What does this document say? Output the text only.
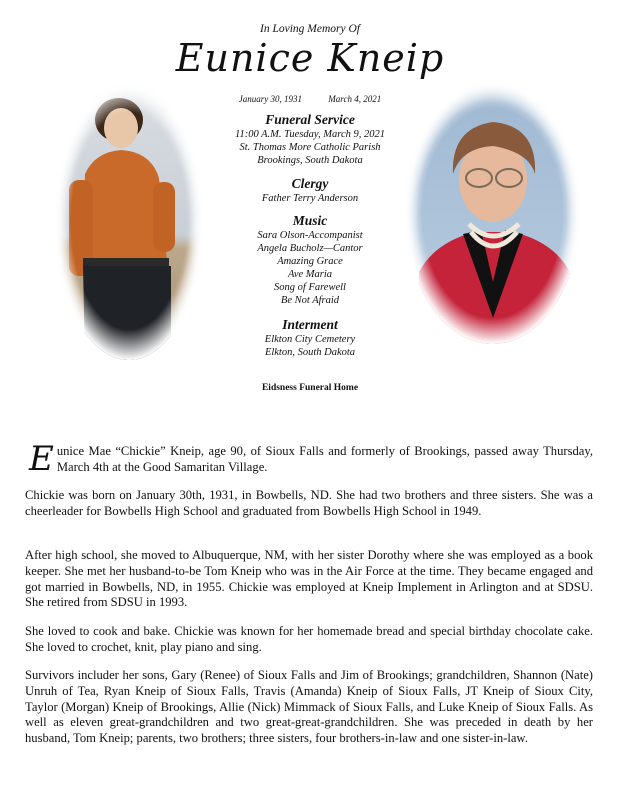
In Loving Memory Of
Eunice Kneip
January 30, 1931	March 4, 2021
Funeral Service
11:00 A.M. Tuesday, March 9, 2021
St. Thomas More Catholic Parish
Brookings, South Dakota
Clergy
Father Terry Anderson
Music
Sara Olson-Accompanist
Angela Bucholz—Cantor
Amazing Grace
Ave Maria
Song of Farewell
Be Not Afraid
Interment
Elkton City Cemetery
Elkton, South Dakota
Eidsness Funeral Home
Eunice Mae “Chickie” Kneip, age 90, of Sioux Falls and formerly of Brookings, passed away Thursday, March 4th at the Good Samaritan Village.
Chickie was born on January 30th, 1931, in Bowbells, ND. She had two brothers and three sisters. She was a cheerleader for Bowbells High School and graduated from Bowbells High School in 1949.
After high school, she moved to Albuquerque, NM, with her sister Dorothy where she was employed as a book keeper. She met her husband-to-be Tom Kneip who was in the Air Force at the time. They became engaged and got married in Bowbells, ND, in 1955. Chickie was employed at Kneip Implement in Arlington and at SDSU. She retired from SDSU in 1993.
She loved to cook and bake. Chickie was known for her homemade bread and special birthday chocolate cake. She loved to crochet, knit, play piano and sing.
Survivors includer her sons, Gary (Renee) of Sioux Falls and Jim of Brookings; grandchildren, Shannon (Nate) Unruh of Tea, Ryan Kneip of Sioux Falls, Travis (Amanda) Kneip of Sioux Falls, JT Kneip of Sioux City, Taylor (Morgan) Kneip of Brookings, Allie (Nick) Mimmack of Sioux Falls, and Luke Kneip of Sioux Falls. As well as eleven great-grandchildren and two great-great-grandchildren. She was preceded in death by her husband, Tom Kneip; parents, two brothers; three sisters, four brothers-in-law and one sister-in-law.
